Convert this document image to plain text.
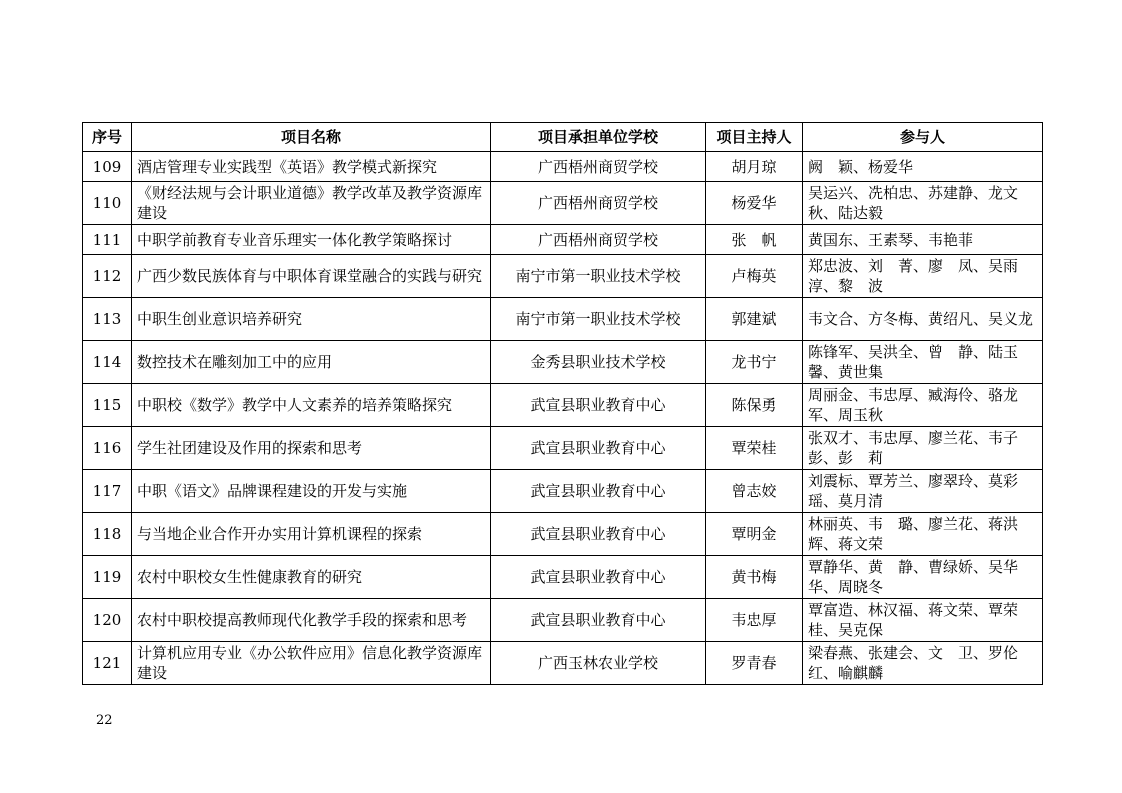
序号	项目名称	项目承担单位学校	项目主持人	参与人
109	酒店管理专业实践型《英语》教学模式新探究	广西梧州商贸学校	胡月琼	阙　颖、杨爱华
110	《财经法规与会计职业道德》教学改革及教学资源库建设	广西梧州商贸学校	杨爱华	吴运兴、冼柏忠、苏建静、龙文秋、陆达毅
111	中职学前教育专业音乐理实一体化教学策略探讨	广西梧州商贸学校	张　帆	黄国东、王素琴、韦艳菲
112	广西少数民族体育与中职体育课堂融合的实践与研究	南宁市第一职业技术学校	卢梅英	郑忠波、刘　菁、廖　凤、吴雨淳、黎　波
113	中职生创业意识培养研究	南宁市第一职业技术学校	郭建斌	韦文合、方冬梅、黄绍凡、吴义龙
114	数控技术在雕刻加工中的应用	金秀县职业技术学校	龙书宁	陈锋军、吴洪全、曾　静、陆玉馨、黄世集
115	中职校《数学》教学中人文素养的培养策略探究	武宣县职业教育中心	陈保勇	周丽金、韦忠厚、臧海伶、骆龙军、周玉秋
116	学生社团建设及作用的探索和思考	武宣县职业教育中心	覃荣桂	张双才、韦忠厚、廖兰花、韦子彭、彭　莉
117	中职《语文》品牌课程建设的开发与实施	武宣县职业教育中心	曾志姣	刘震标、覃芳兰、廖翠玲、莫彩瑶、莫月清
118	与当地企业合作开办实用计算机课程的探索	武宣县职业教育中心	覃明金	林丽英、韦　璐、廖兰花、蒋洪辉、蒋文荣
119	农村中职校女生性健康教育的研究	武宣县职业教育中心	黄书梅	覃静华、黄　静、曹绿娇、吴华华、周晓冬
120	农村中职校提高教师现代化教学手段的探索和思考	武宣县职业教育中心	韦忠厚	覃富造、林汉福、蒋文荣、覃荣桂、吴克保
121	计算机应用专业《办公软件应用》信息化教学资源库建设	广西玉林农业学校	罗青春	梁春燕、张建会、文　卫、罗伦红、喻麒麟
22
